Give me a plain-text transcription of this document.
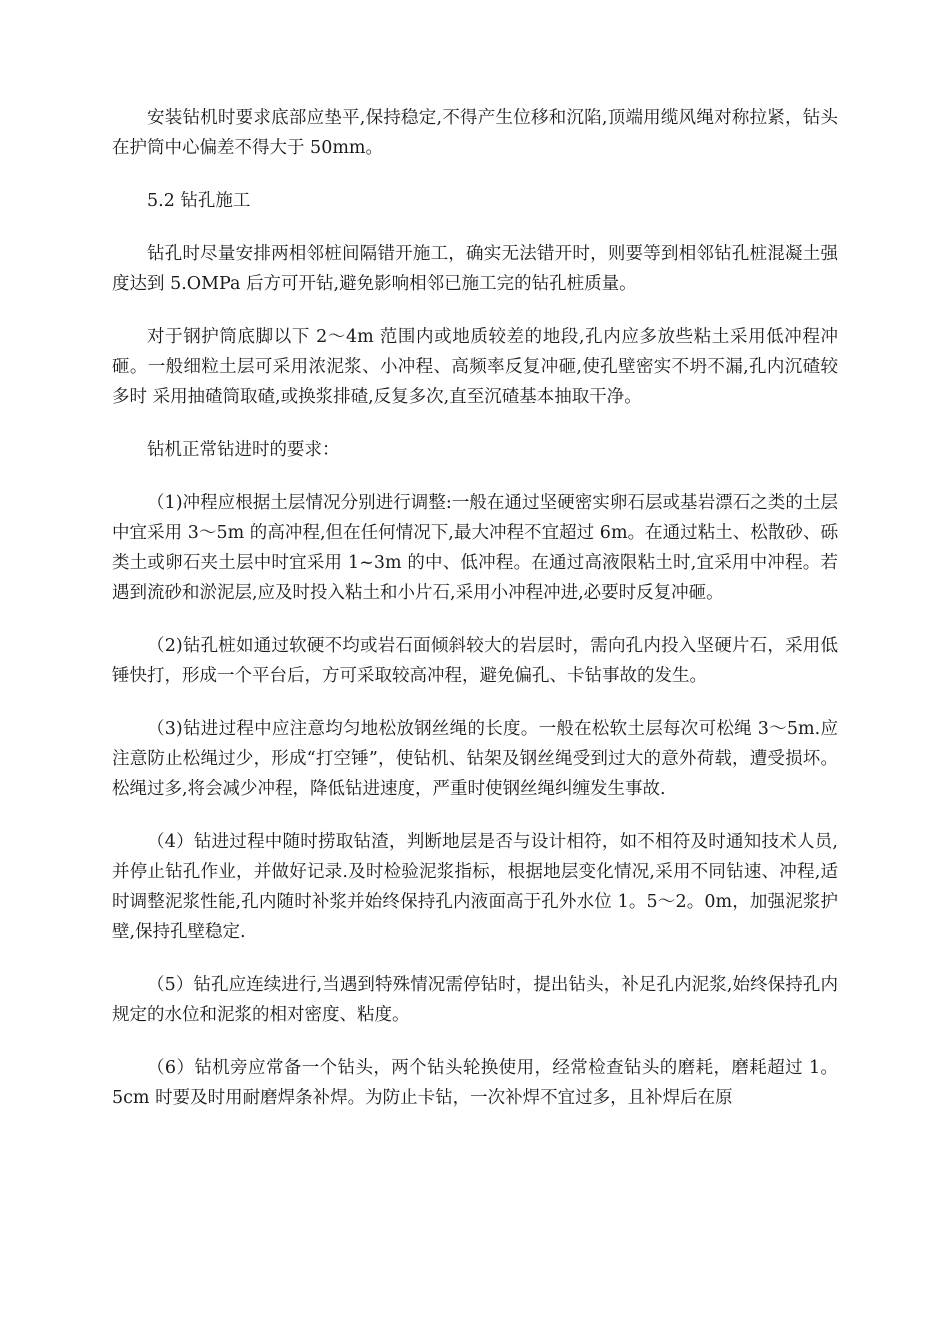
安装钻机时要求底部应垫平,保持稳定,不得产生位移和沉陷,顶端用缆风绳对称拉紧，钻头在护筒中心偏差不得大于 50mm。

5.2 钻孔施工

钻孔时尽量安排两相邻桩间隔错开施工，确实无法错开时，则要等到相邻钻孔桩混凝土强度达到 5.OMPa 后方可开钻,避免影响相邻已施工完的钻孔桩质量。

对于钢护筒底脚以下 2～4m 范围内或地质较差的地段,孔内应多放些粘土采用低冲程冲砸。一般细粒土层可采用浓泥浆、小冲程、高频率反复冲砸,使孔壁密实不坍不漏,孔内沉碴较多时 采用抽碴筒取碴,或换浆排碴,反复多次,直至沉碴基本抽取干净。

钻机正常钻进时的要求：

（1)冲程应根据土层情况分别进行调整:一般在通过坚硬密实卵石层或基岩漂石之类的土层中宜采用 3～5m 的高冲程,但在任何情况下,最大冲程不宜超过 6m。在通过粘土、松散砂、砾类土或卵石夹土层中时宜采用 1~3m 的中、低冲程。在通过高液限粘土时,宜采用中冲程。若遇到流砂和淤泥层,应及时投入粘土和小片石,采用小冲程冲进,必要时反复冲砸。

（2)钻孔桩如通过软硬不均或岩石面倾斜较大的岩层时，需向孔内投入坚硬片石，采用低锤快打，形成一个平台后，方可采取较高冲程，避免偏孔、卡钻事故的发生。

（3)钻进过程中应注意均匀地松放钢丝绳的长度。一般在松软土层每次可松绳 3～5m.应注意防止松绳过少，形成“打空锤”，使钻机、钻架及钢丝绳受到过大的意外荷载，遭受损坏。松绳过多,将会减少冲程，降低钻进速度，严重时使钢丝绳纠缠发生事故.

（4）钻进过程中随时捞取钻渣，判断地层是否与设计相符，如不相符及时通知技术人员,并停止钻孔作业，并做好记录.及时检验泥浆指标，根据地层变化情况,采用不同钻速、冲程,适时调整泥浆性能,孔内随时补浆并始终保持孔内液面高于孔外水位 1。5～2。0m，加强泥浆护壁,保持孔壁稳定.

（5）钻孔应连续进行,当遇到特殊情况需停钻时，提出钻头，补足孔内泥浆,始终保持孔内规定的水位和泥浆的相对密度、粘度。

（6）钻机旁应常备一个钻头，两个钻头轮换使用，经常检查钻头的磨耗，磨耗超过 1。5cm 时要及时用耐磨焊条补焊。为防止卡钻，一次补焊不宜过多，且补焊后在原
